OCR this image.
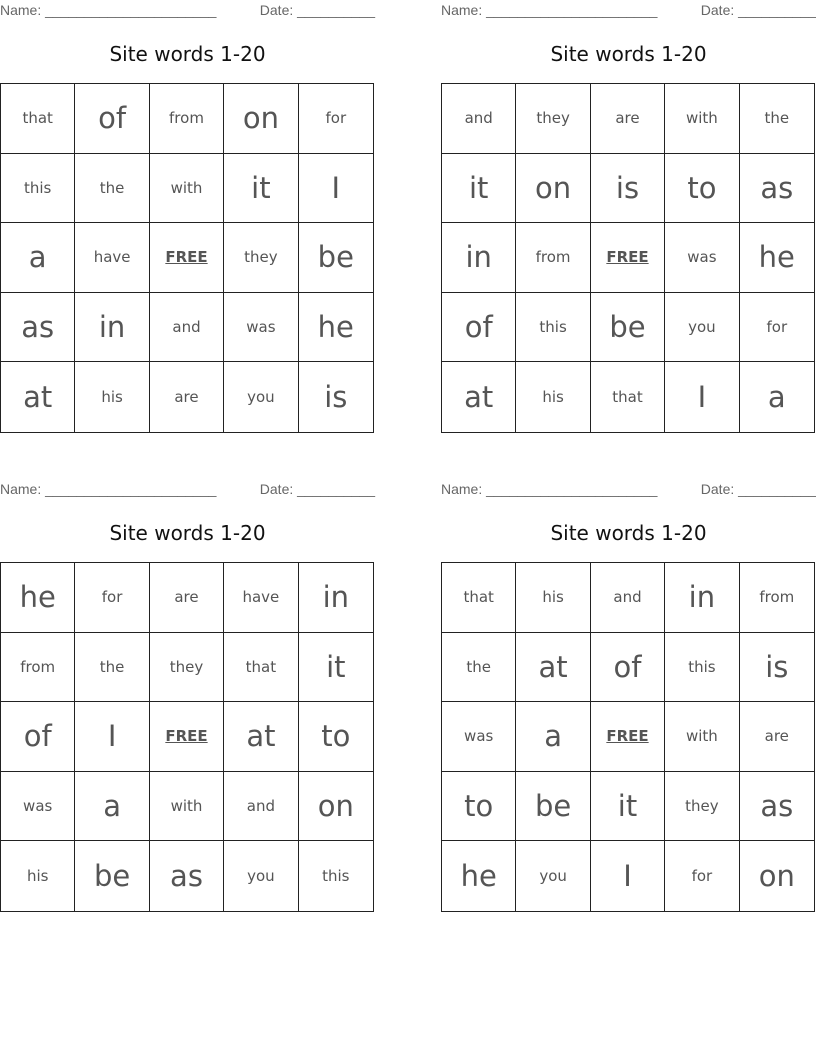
Name: ______________________	Date: __________
Site words 1-20
that	of	from	on	for
this	the	with	it	I
a	have	FREE	they	be
as	in	and	was	he
at	his	are	you	is
Name: ______________________	Date: __________
Site words 1-20
and	they	are	with	the
it	on	is	to	as
in	from	FREE	was	he
of	this	be	you	for
at	his	that	I	a
Name: ______________________	Date: __________
Site words 1-20
he	for	are	have	in
from	the	they	that	it
of	I	FREE	at	to
was	a	with	and	on
his	be	as	you	this
Name: ______________________	Date: __________
Site words 1-20
that	his	and	in	from
the	at	of	this	is
was	a	FREE	with	are
to	be	it	they	as
he	you	I	for	on
